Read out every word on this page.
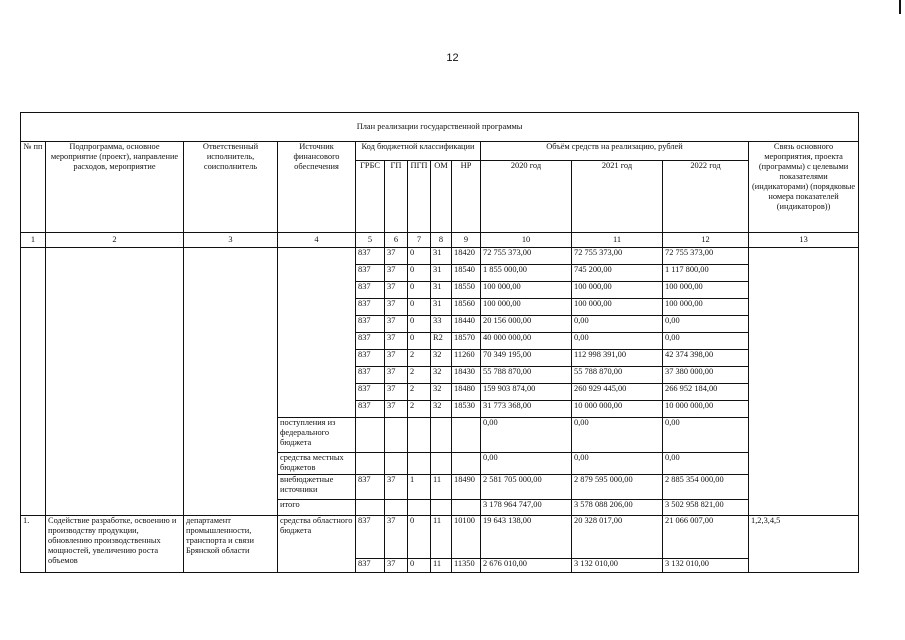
12
План реализации государственной программы												
№ пп	Подпрограмма, основное мероприятие (проект), направление расходов, мероприятие	Ответственный исполнитель, соисполнитель	Источник финансового обеспечения	Код бюджетной классификации					Объём средств на реализацию, рублей			Связь основного мероприятия, проекта (программы) с целевыми показателями (индикаторами) (порядковые номера показателей (индикаторов))
				ГРБС	ГП	ПГП	ОМ	НР	2020 год	2021 год	2022 год	
1	2	3	4	5	6	7	8	9	10	11	12	13
				837	37	0	31	18420	72 755 373,00	72 755 373,00	72 755 373,00	
				837	37	0	31	18540	1 855 000,00	745 200,00	1 117 800,00	
				837	37	0	31	18550	100 000,00	100 000,00	100 000,00	
				837	37	0	31	18560	100 000,00	100 000,00	100 000,00	
				837	37	0	33	18440	20 156 000,00	0,00	0,00	
				837	37	0	R2	18570	40 000 000,00	0,00	0,00	
				837	37	2	32	11260	70 349 195,00	112 998 391,00	42 374 398,00	
				837	37	2	32	18430	55 788 870,00	55 788 870,00	37 380 000,00	
				837	37	2	32	18480	159 903 874,00	260 929 445,00	266 952 184,00	
				837	37	2	32	18530	31 773 368,00	10 000 000,00	10 000 000,00	
			поступления из федерального бюджета						0,00	0,00	0,00	
			средства местных бюджетов						0,00	0,00	0,00	
			внебюджетные источники	837	37	1	11	18490	2 581 705 000,00	2 879 595 000,00	2 885 354 000,00	
			итого						3 178 964 747,00	3 578 088 206,00	3 502 958 821,00	
1.	Содействие разработке, освоению и производству продукции, обновлению производственных мощностей, увеличению роста объемов	департамент промышленности, транспорта и связи Брянской области	средства областного бюджета	837	37	0	11	10100	19 643 138,00	20 328 017,00	21 066 007,00	1,2,3,4,5
				837	37	0	11	11350	2 676 010,00	3 132 010,00	3 132 010,00	
